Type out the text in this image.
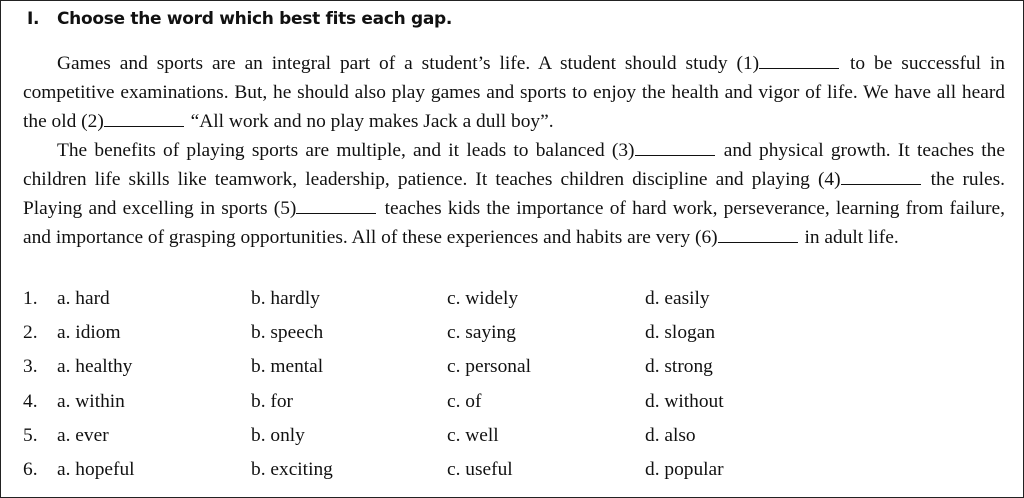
I. Choose the word which best fits each gap.

Games and sports are an integral part of a student’s life. A student should study (1)	to be successful in competitive examinations. But, he should also play games and sports to enjoy the health and vigor of life. We have all heard the old (2)	“All work and no play makes Jack a dull boy”.

The benefits of playing sports are multiple, and it leads to balanced (3)	and physical growth. It teaches the children life skills like teamwork, leadership, patience. It teaches children discipline and playing (4)	the rules. Playing and excelling in sports (5)	teaches kids the importance of hard work, perseverance, learning from failure, and importance of grasping opportunities. All of these experiences and habits are very (6)	in adult life.

1. a. hard	b. hardly	c. widely	d. easily
2. a. idiom	b. speech	c. saying	d. slogan
3. a. healthy	b. mental	c. personal	d. strong
4. a. within	b. for	c. of	d. without
5. a. ever	b. only	c. well	d. also
6. a. hopeful	b. exciting	c. useful	d. popular
